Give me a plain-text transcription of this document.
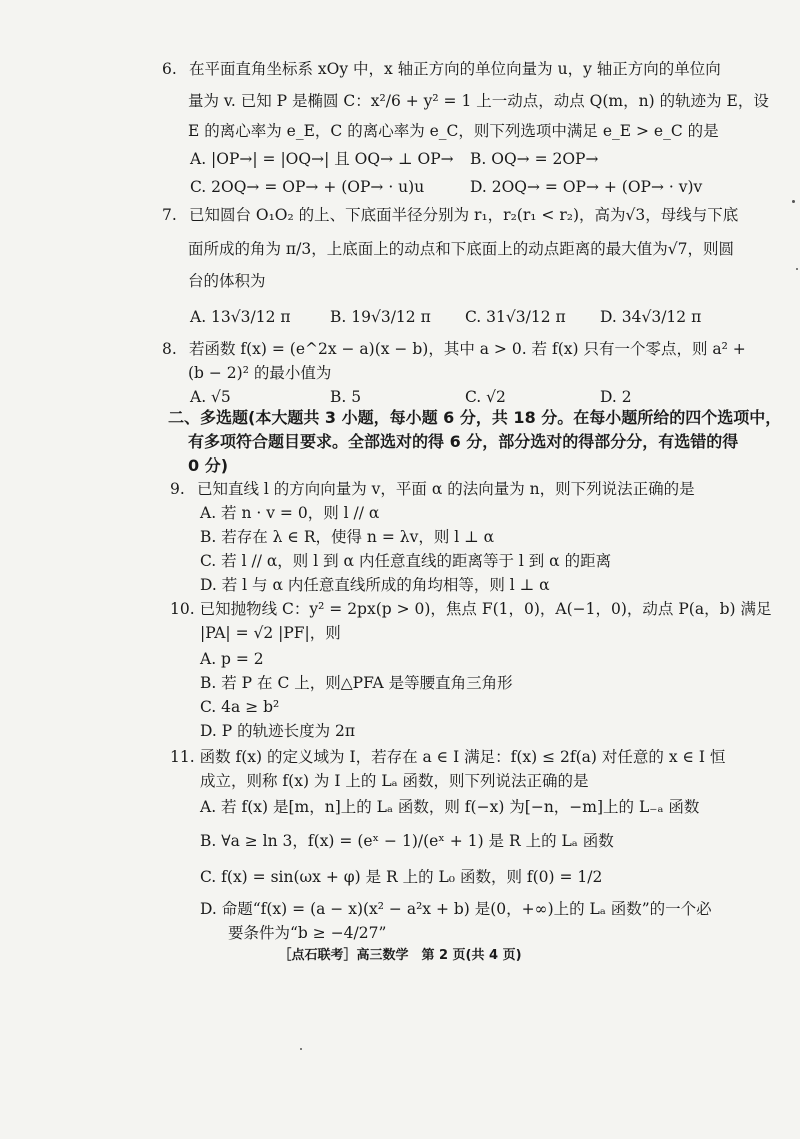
6. 在平面直角坐标系 xOy 中，x 轴正方向的单位向量为 u，y 轴正方向的单位向
量为 v. 已知 P 是椭圆 C：x²/6 + y² = 1 上一动点，动点 Q(m，n) 的轨迹为 E，设
E 的离心率为 e_E，C 的离心率为 e_C，则下列选项中满足 e_E > e_C 的是
A. |OP→| = |OQ→| 且 OQ→ ⊥ OP→ B. OQ→ = 2OP→
C. 2OQ→ = OP→ + (OP→ · u)u	D. 2OQ→ = OP→ + (OP→ · v)v
7. 已知圆台 O₁O₂ 的上、下底面半径分别为 r₁，r₂(r₁ < r₂)，高为√3，母线与下底
面所成的角为 π/3，上底面上的动点和下底面上的动点距离的最大值为√7，则圆
台的体积为
A. 13√3/12 π	B. 19√3/12 π C. 31√3/12 π D. 34√3/12 π
8. 若函数 f(x) = (e^2x − a)(x − b)，其中 a > 0. 若 f(x) 只有一个零点，则 a² +
(b − 2)² 的最小值为
A. √5	B. 5	C. √2	D. 2
二、多选题(本大题共 3 小题，每小题 6 分，共 18 分。在每小题所给的四个选项中，
有多项符合题目要求。全部选对的得 6 分，部分选对的得部分分，有选错的得
0 分)
9. 已知直线 l 的方向向量为 v，平面 α 的法向量为 n，则下列说法正确的是
A. 若 n · v = 0，则 l // α
B. 若存在 λ ∈ R，使得 n = λv，则 l ⊥ α
C. 若 l // α，则 l 到 α 内任意直线的距离等于 l 到 α 的距离
D. 若 l 与 α 内任意直线所成的角均相等，则 l ⊥ α
10. 已知抛物线 C：y² = 2px(p > 0)，焦点 F(1，0)，A(−1，0)，动点 P(a，b) 满足
|PA| = √2 |PF|，则
A. p = 2
B. 若 P 在 C 上，则△PFA 是等腰直角三角形
C. 4a ≥ b²
D. P 的轨迹长度为 2π
11. 函数 f(x) 的定义域为 I，若存在 a ∈ I 满足：f(x) ≤ 2f(a) 对任意的 x ∈ I 恒
成立，则称 f(x) 为 I 上的 Lₐ 函数，则下列说法正确的是
A. 若 f(x) 是[m，n]上的 Lₐ 函数，则 f(−x) 为[−n，−m]上的 L₋ₐ 函数
B. ∀a ≥ ln 3，f(x) = (eˣ − 1)/(eˣ + 1) 是 R 上的 Lₐ 函数
C. f(x) = sin(ωx + φ) 是 R 上的 L₀ 函数，则 f(0) = 1/2
D. 命题“f(x) = (a − x)(x² − a²x + b) 是(0，+∞)上的 Lₐ 函数”的一个必
要条件为“b ≥ −4/27”
［点石联考］高三数学　第 2 页(共 4 页)
